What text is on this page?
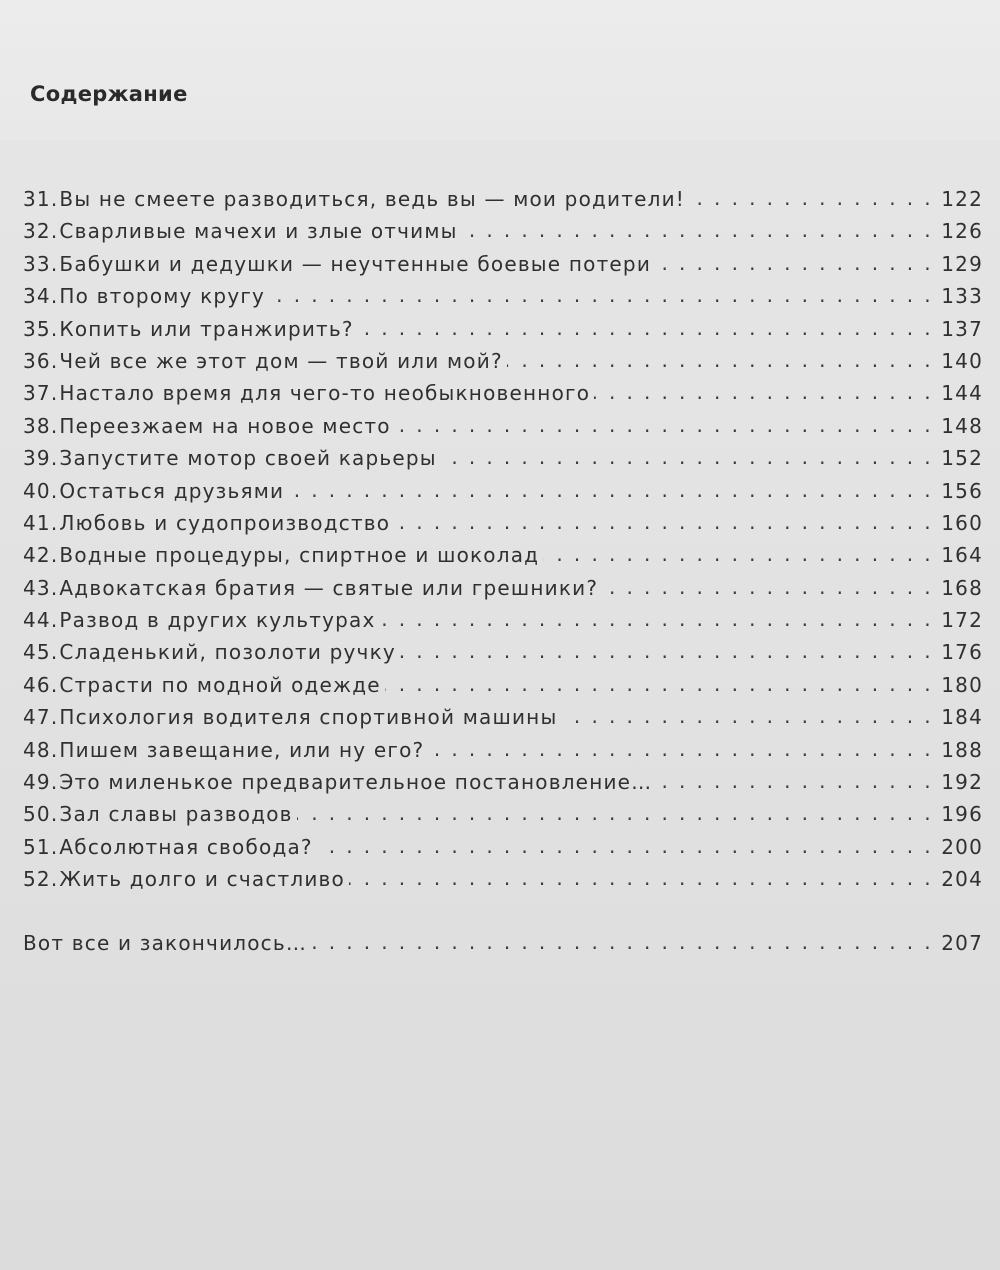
Содержание
31.Вы не смеете разводиться, ведь вы — мои родители! . . .	122
32.Сварливые мачехи и злые отчимы . . .	126
33.Бабушки и дедушки — неучтенные боевые потери . . .	129
34.По второму кругу . . .	133
35.Копить или транжирить? . . .	137
36.Чей все же этот дом — твой или мой? . . .	140
37.Настало время для чего-то необыкновенного . . .	144
38.Переезжаем на новое место . . .	148
39.Запустите мотор своей карьеры . . .	152
40.Остаться друзьями . . .	156
41.Любовь и судопроизводство . . .	160
42.Водные процедуры, спиртное и шоколад . . .	164
43.Адвокатская братия — святые или грешники? . . .	168
44.Развод в других культурах . . .	172
45.Сладенький, позолоти ручку . . .	176
46.Страсти по модной одежде . . .	180
47.Психология водителя спортивной машины . . .	184
48.Пишем завещание, или ну его? . . .	188
49.Это миленькое предварительное постановление… . . .	192
50.Зал славы разводов . . .	196
51.Абсолютная свобода? . . .	200
52.Жить долго и счастливо . . .	204
Вот все и закончилось… . . .	207
